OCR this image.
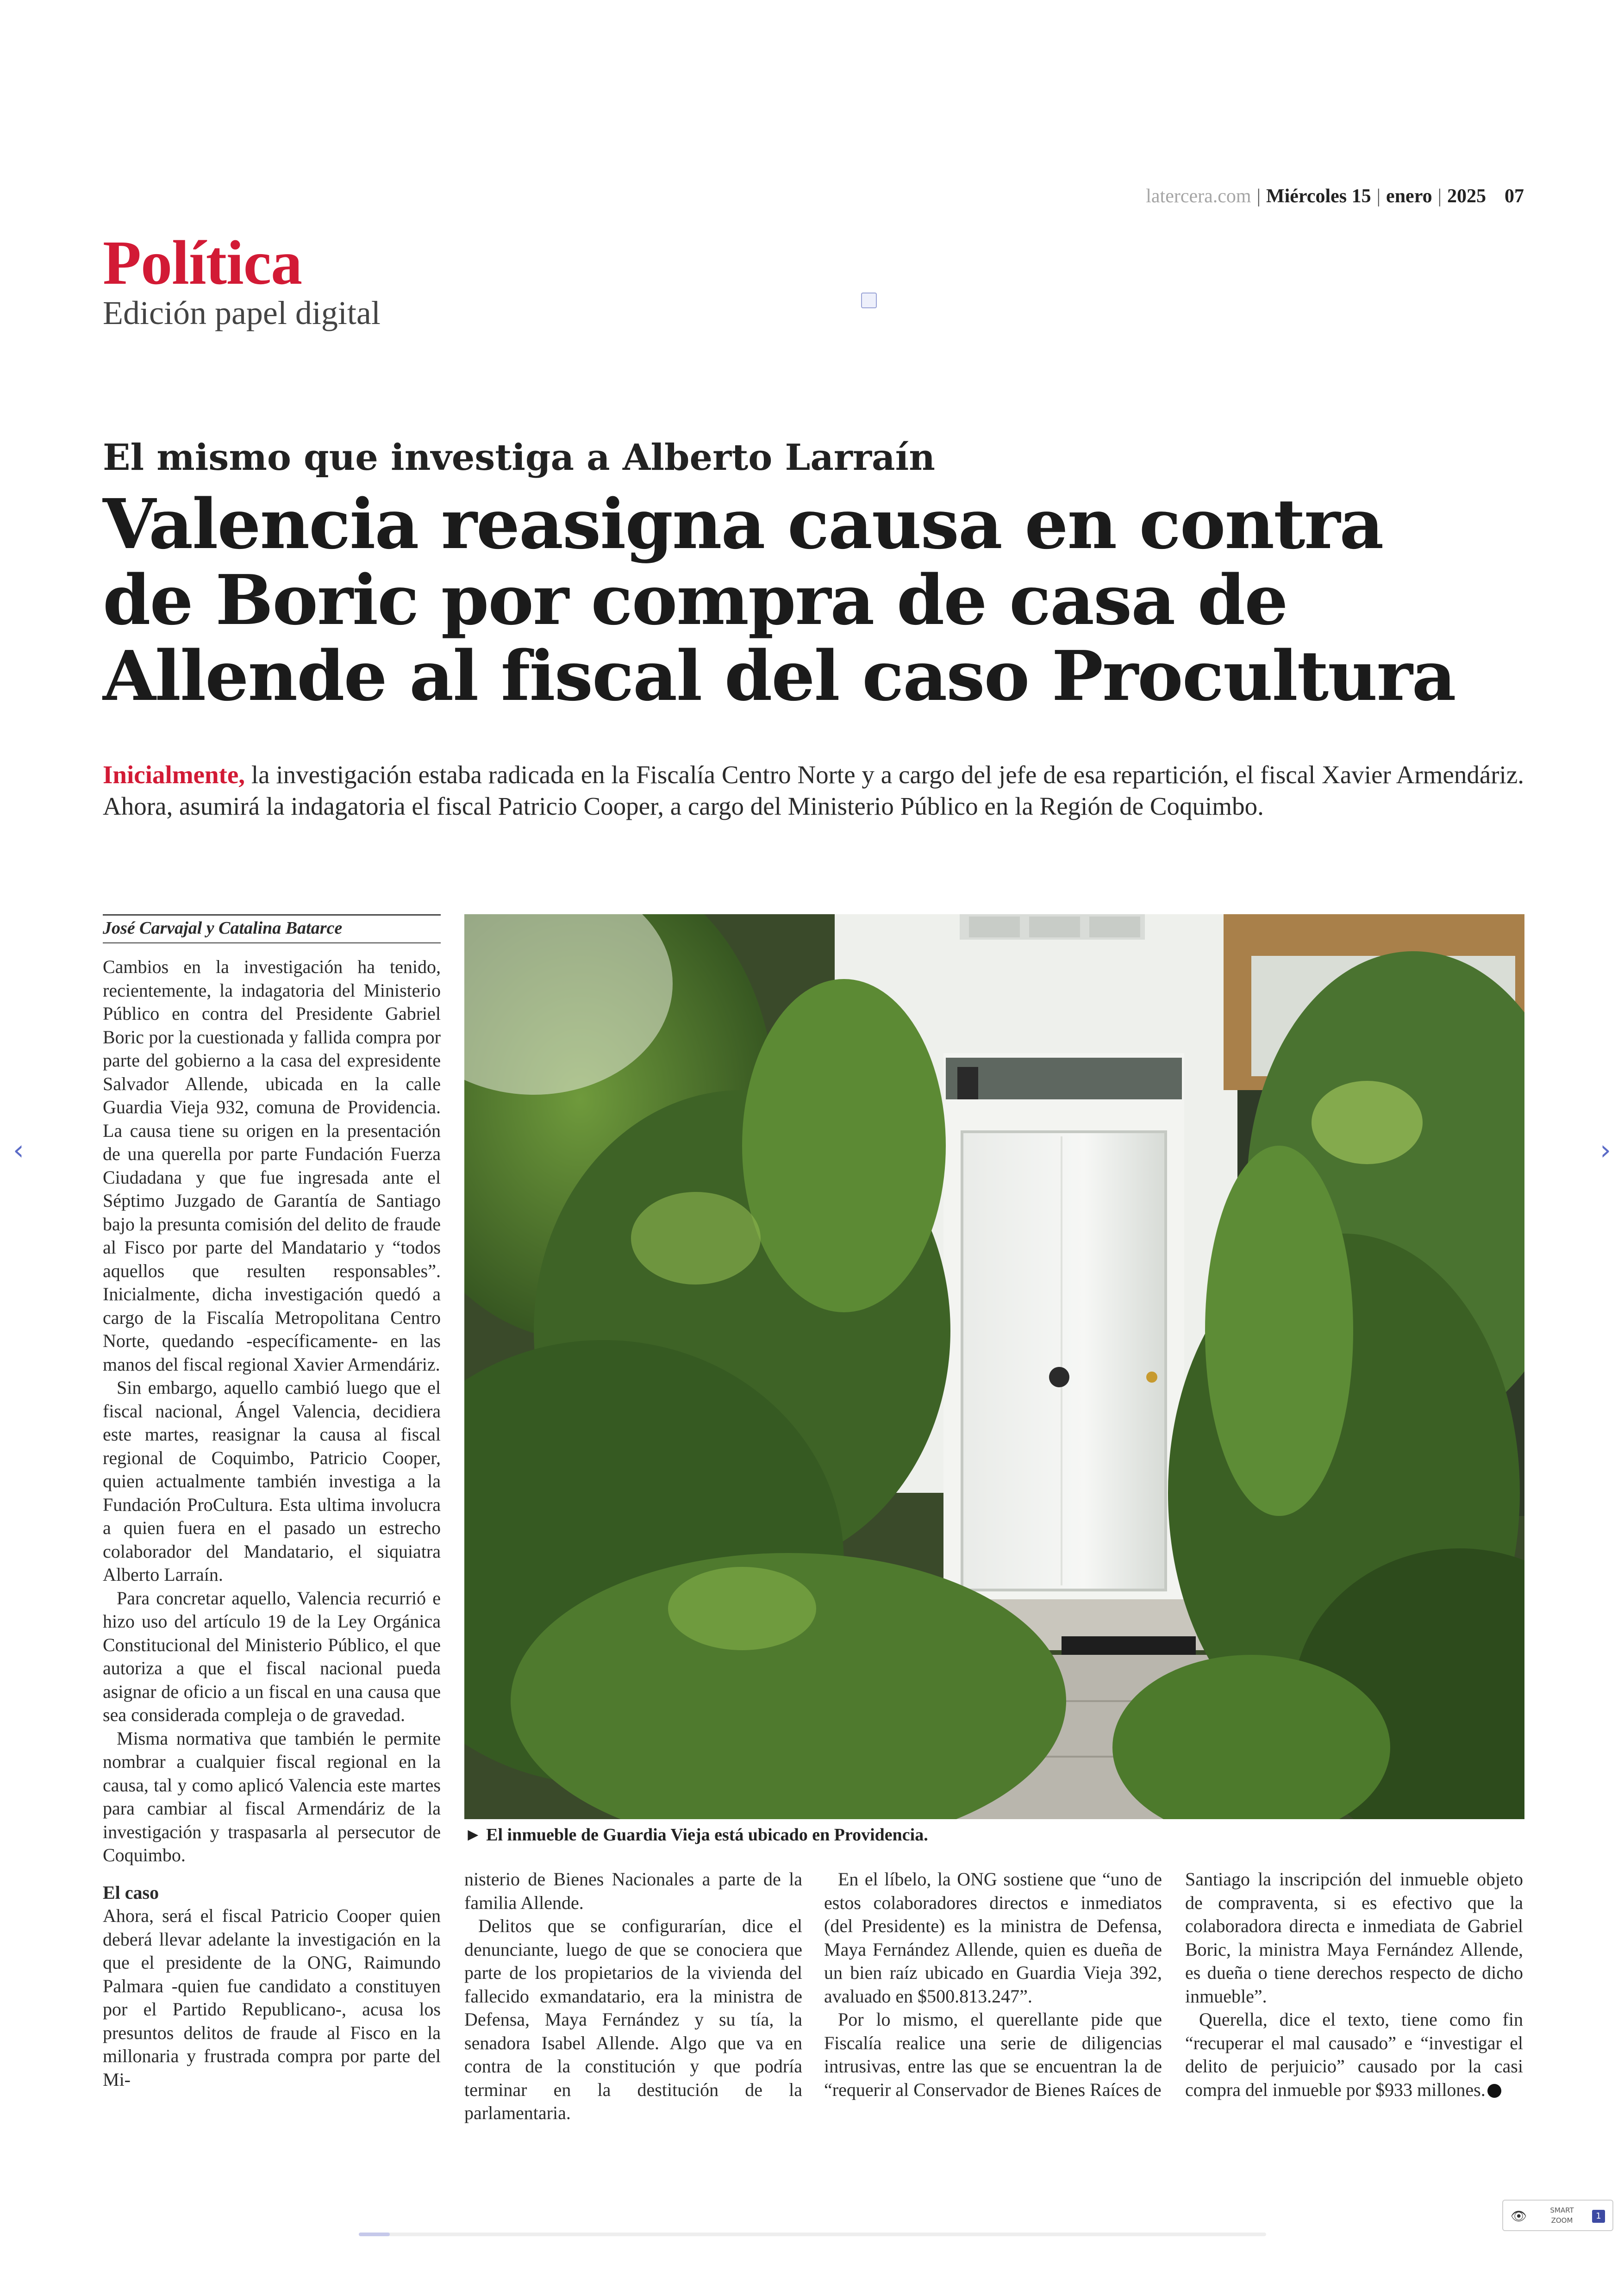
latercera.com | Miércoles 15 | enero | 2025 07
Política
Edición papel digital
El mismo que investiga a Alberto Larraín
Valencia reasigna causa en contra
de Boric por compra de casa de
Allende al fiscal del caso Procultura
Inicialmente, la investigación estaba radicada en la Fiscalía Centro Norte y a cargo del jefe de esa repartición, el fiscal Xavier Armendáriz. Ahora, asumirá la indagatoria el fiscal Patricio Cooper, a cargo del Ministerio Público en la Región de Coquimbo.
José Carvajal y Catalina Batarce

Cambios en la investigación ha tenido, recientemente, la indagatoria del Ministerio Público en contra del Presidente Gabriel Boric por la cuestionada y fallida compra por parte del gobierno a la casa del expresidente Salvador Allende, ubicada en la calle Guardia Vieja 932, comuna de Providencia. La causa tiene su origen en la presentación de una querella por parte Fundación Fuerza Ciudadana y que fue ingresada ante el Séptimo Juzgado de Garantía de Santiago bajo la presunta comisión del delito de fraude al Fisco por parte del Mandatario y “todos aquellos que resulten responsables”. Inicialmente, dicha investigación quedó a cargo de la Fiscalía Metropolitana Centro Norte, quedando -específicamente- en las manos del fiscal regional Xavier Armendáriz.

Sin embargo, aquello cambió luego que el fiscal nacional, Ángel Valencia, decidiera este martes, reasignar la causa al fiscal regional de Coquimbo, Patricio Cooper, quien actualmente también investiga a la Fundación ProCultura. Esta ultima involucra a quien fuera en el pasado un estrecho colaborador del Mandatario, el siquiatra Alberto Larraín.

Para concretar aquello, Valencia recurrió e hizo uso del artículo 19 de la Ley Orgánica Constitucional del Ministerio Público, el que autoriza a que el fiscal nacional pueda asignar de oficio a un fiscal en una causa que sea considerada compleja o de gravedad.

Misma normativa que también le permite nombrar a cualquier fiscal regional en la causa, tal y como aplicó Valencia este martes para cambiar al fiscal Armendáriz de la investigación y traspasarla al persecutor de Coquimbo.

El caso

Ahora, será el fiscal Patricio Cooper quien deberá llevar adelante la investigación en la que el presidente de la ONG, Raimundo Palmara -quien fue candidato a constituyen por el Partido Republicano-, acusa los presuntos delitos de fraude al Fisco en la millonaria y frustrada compra por parte del Mi-

► El inmueble de Guardia Vieja está ubicado en Providencia.

nisterio de Bienes Nacionales a parte de la familia Allende.

Delitos que se configurarían, dice el denunciante, luego de que se conociera que parte de los propietarios de la vivienda del fallecido exmandatario, era la ministra de Defensa, Maya Fernández y su tía, la senadora Isabel Allende. Algo que va en contra de la constitución y que podría terminar en la destitución de la parlamentaria.

En el líbelo, la ONG sostiene que “uno de estos colaboradores directos e inmediatos (del Presidente) es la ministra de Defensa, Maya Fernández Allende, quien es dueña de un bien raíz ubicado en Guardia Vieja 392, avaluado en $500.813.247”.

Por lo mismo, el querellante pide que Fiscalía realice una serie de diligencias intrusivas, entre las que se encuentran la de “requerir al Conservador de Bienes Raíces de

Santiago la inscripción del inmueble objeto de compraventa, si es efectivo que la colaboradora directa e inmediata de Gabriel Boric, la ministra Maya Fernández Allende, es dueña o tiene derechos respecto de dicho inmueble”.

Querella, dice el texto, tiene como fin “recuperar el mal causado” e “investigar el delito de perjuicio” causado por la casi compra del inmueble por $933 millones.

‹	›
👁	SMART
ZOOM	1
